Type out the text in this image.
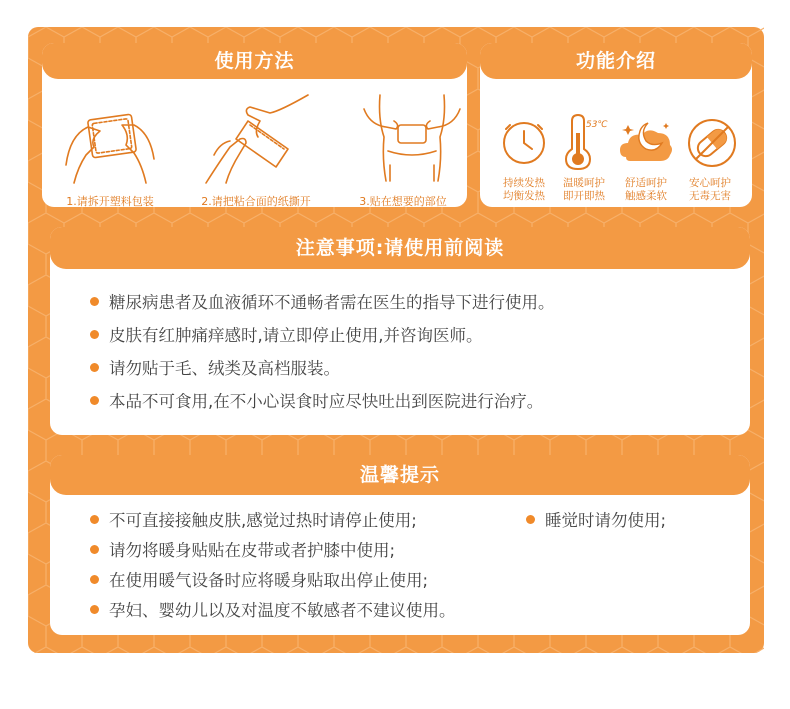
使用方法
1.请拆开塑料包装	2.请把粘合面的纸撕开	3.贴在想要的部位
功能介绍
持续发热
均衡发热
53℃
温暖呵护
即开即热
舒适呵护
触感柔软
安心呵护
无毒无害
注意事项:请使用前阅读
糖尿病患者及血液循环不通畅者需在医生的指导下进行使用。
皮肤有红肿痛痒感时,请立即停止使用,并咨询医师。
请勿贴于毛、绒类及高档服装。
本品不可食用,在不小心误食时应尽快吐出到医院进行治疗。
温馨提示
不可直接接触皮肤,感觉过热时请停止使用;	睡觉时请勿使用;
请勿将暖身贴贴在皮带或者护膝中使用;
在使用暖气设备时应将暖身贴取出停止使用;
孕妇、婴幼儿以及对温度不敏感者不建议使用。
